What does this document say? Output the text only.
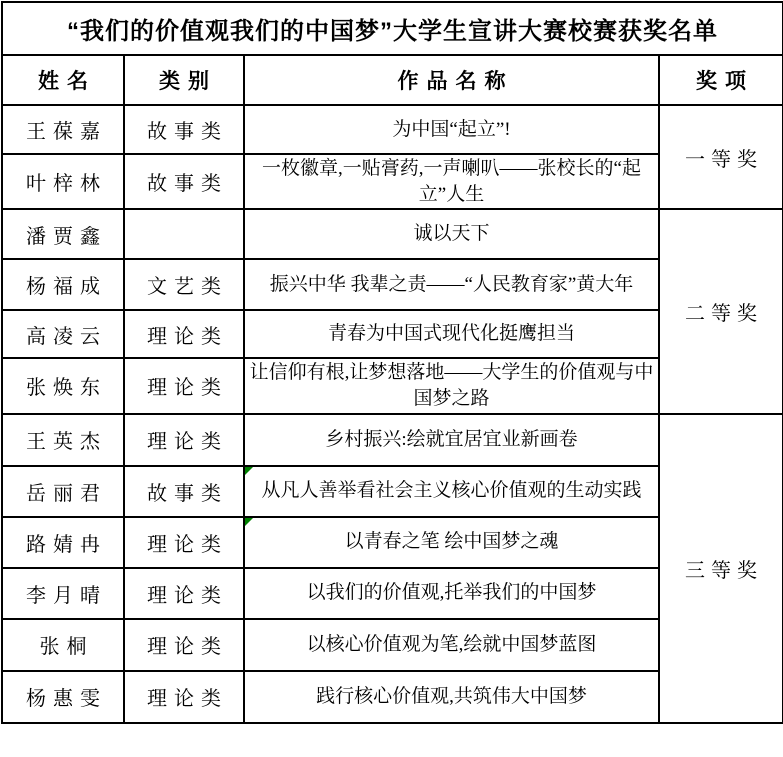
“我们的价值观我们的中国梦”大学生宣讲大赛校赛获奖名单			
姓名	类别	作品名称	奖项
王葆嘉	故事类	为中国“起立”!	一等奖
叶梓林	故事类	一枚徽章,一贴膏药,一声喇叭——张校长的“起立”人生	
潘贾鑫		诚以天下	二等奖
杨福成	文艺类	振兴中华 我辈之责——“人民教育家”黄大年	
高凌云	理论类	青春为中国式现代化挺鹰担当	
张焕东	理论类	让信仰有根,让梦想落地——大学生的价值观与中国梦之路	
王英杰	理论类	乡村振兴:绘就宜居宜业新画卷	三等奖
岳丽君	故事类	从凡人善举看社会主义核心价值观的生动实践	
路婧冉	理论类	以青春之笔 绘中国梦之魂	
李月晴	理论类	以我们的价值观,托举我们的中国梦	
张桐	理论类	以核心价值观为笔,绘就中国梦蓝图	
杨惠雯	理论类	践行核心价值观,共筑伟大中国梦	
